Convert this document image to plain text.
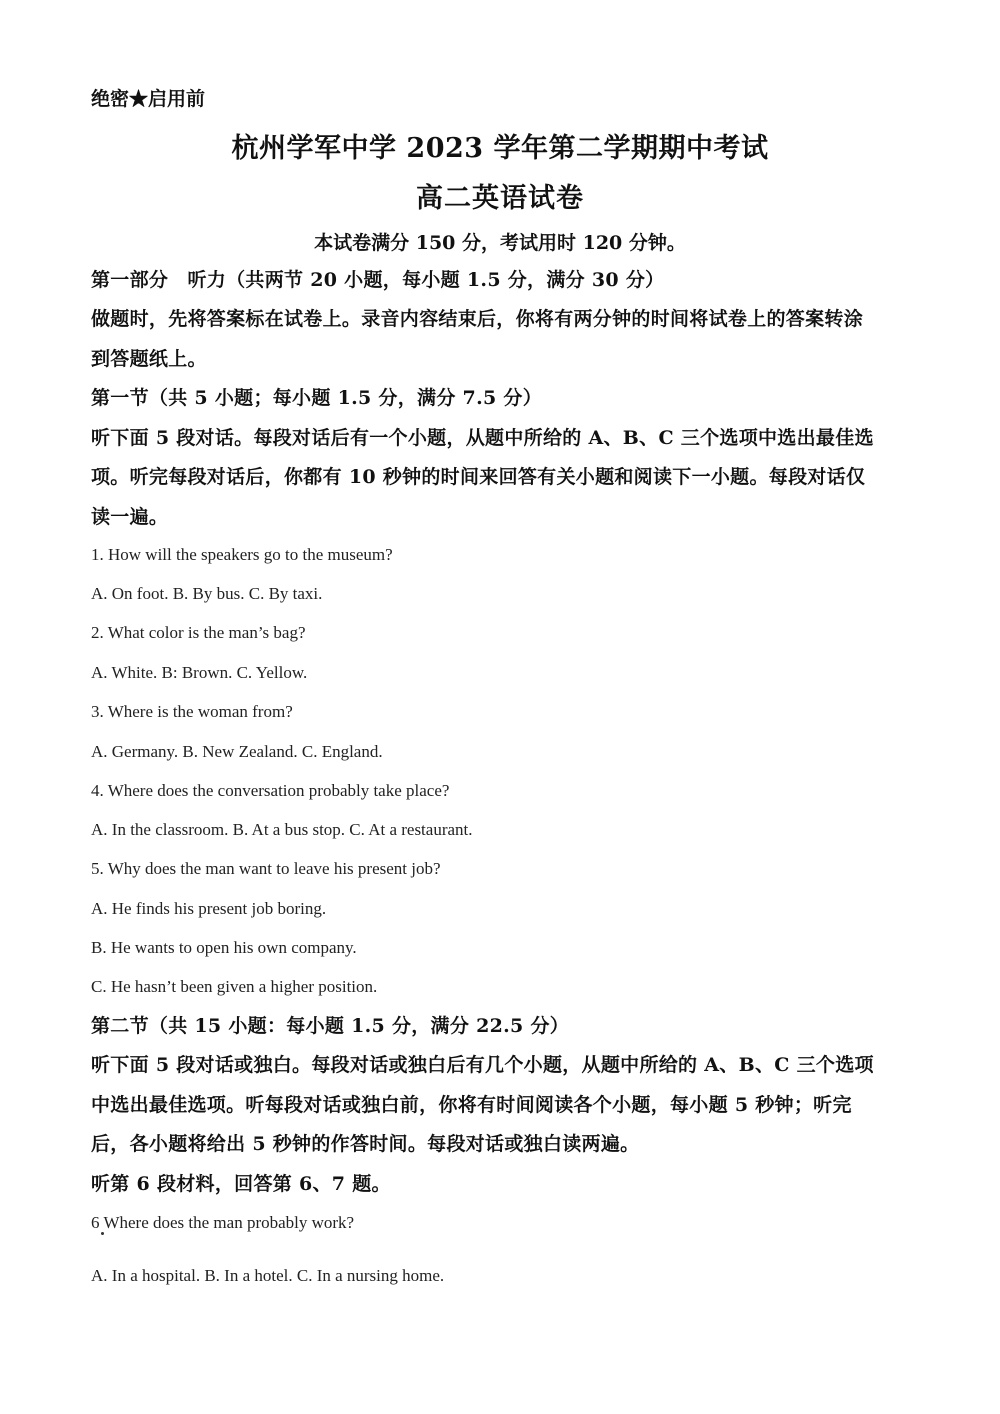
绝密★启用前
杭州学军中学 2023 学年第二学期期中考试
高二英语试卷
本试卷满分 150 分，考试用时 120 分钟。
第一部分　听力（共两节 20 小题，每小题 1.5 分，满分 30 分）
做题时，先将答案标在试卷上。录音内容结束后，你将有两分钟的时间将试卷上的答案转涂
到答题纸上。
第一节（共 5 小题；每小题 1.5 分，满分 7.5 分）
听下面 5 段对话。每段对话后有一个小题，从题中所给的 A、B、C 三个选项中选出最佳选
项。听完每段对话后，你都有 10 秒钟的时间来回答有关小题和阅读下一小题。每段对话仅
读一遍。
1. How will the speakers go to the museum?
A. On foot. B. By bus. C. By taxi.
2. What color is the man’s bag?
A. White. B: Brown. C. Yellow.
3. Where is the woman from?
A. Germany. B. New Zealand. C. England.
4. Where does the conversation probably take place?
A. In the classroom. B. At a bus stop. C. At a restaurant.
5. Why does the man want to leave his present job?
A. He finds his present job boring.
B. He wants to open his own company.
C. He hasn’t been given a higher position.
第二节（共 15 小题：每小题 1.5 分，满分 22.5 分）
听下面 5 段对话或独白。每段对话或独白后有几个小题，从题中所给的 A、B、C 三个选项
中选出最佳选项。听每段对话或独白前，你将有时间阅读各个小题，每小题 5 秒钟；听完
后，各小题将给出 5 秒钟的作答时间。每段对话或独白读两遍。
听第 6 段材料，回答第 6、7 题。
6 Where does the man probably work?
A. In a hospital. B. In a hotel. C. In a nursing home.
